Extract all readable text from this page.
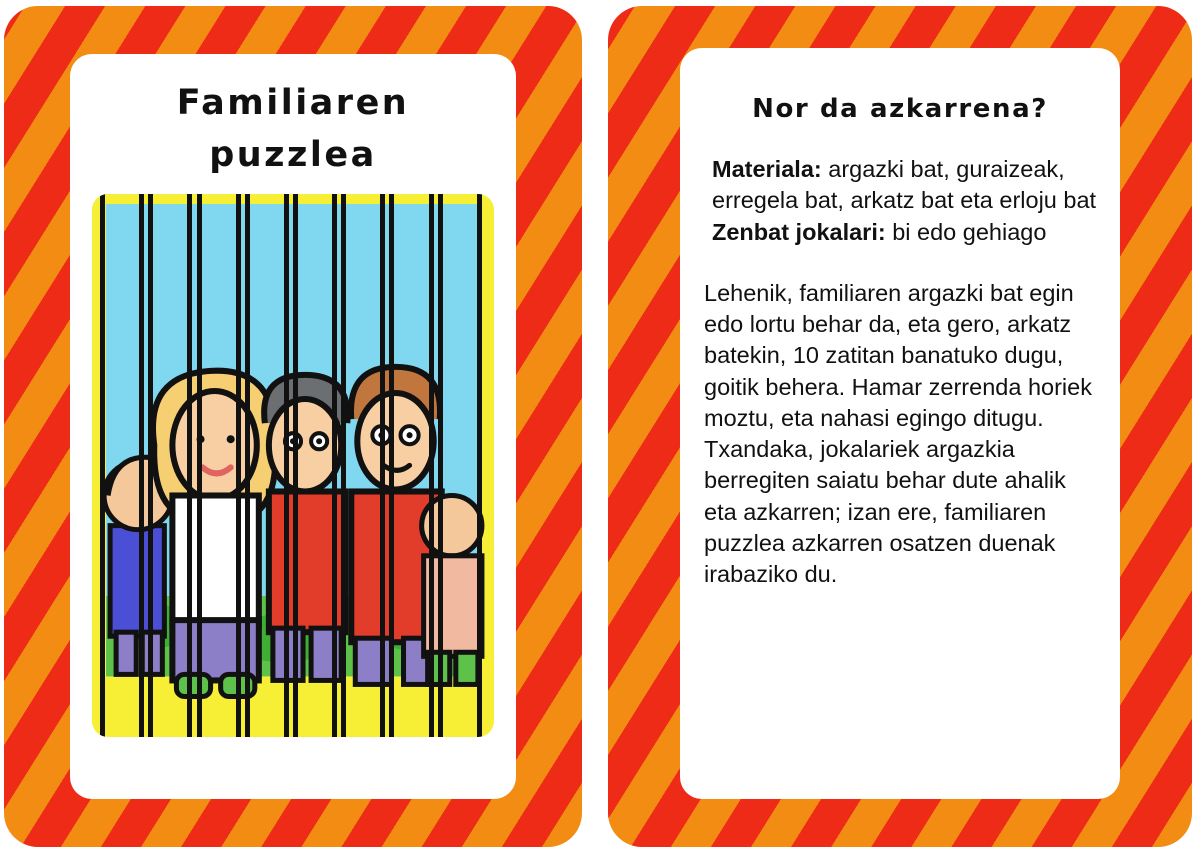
Familiaren
puzzlea
Nor da azkarrena?

Materiala: argazki bat, guraizeak, erregela bat, arkatz bat eta erloju bat

Zenbat jokalari: bi edo gehiago

Lehenik, familiaren argazki bat egin edo lortu behar da, eta gero, arkatz batekin, 10 zatitan banatuko dugu, goitik behera. Hamar zerrenda horiek moztu, eta nahasi egingo ditugu. Txandaka, jokalariek argazkia berregiten saiatu behar dute ahalik eta azkarren; izan ere, familiaren puzzlea azkarren osatzen duenak irabaziko du.
